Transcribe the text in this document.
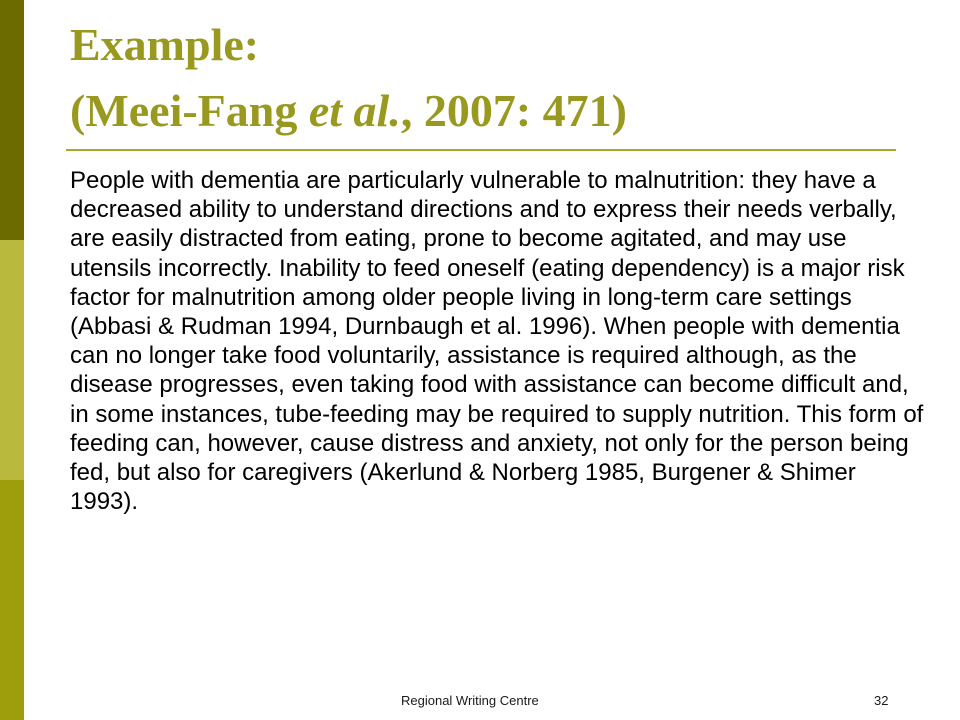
Example:
(Meei-Fang et al., 2007: 471)

People with dementia are particularly vulnerable to malnutrition: they have a decreased ability to understand directions and to express their needs verbally, are easily distracted from eating, prone to become agitated, and may use utensils incorrectly. Inability to feed oneself (eating dependency) is a major risk factor for malnutrition among older people living in long-term care settings (Abbasi & Rudman 1994, Durnbaugh et al. 1996). When people with dementia can no longer take food voluntarily, assistance is required although, as the disease progresses, even taking food with assistance can become difficult and, in some instances, tube-feeding may be required to supply nutrition. This form of feeding can, however, cause distress and anxiety, not only for the person being fed, but also for caregivers (Akerlund & Norberg 1985, Burgener & Shimer 1993).

Regional Writing Centre	32
